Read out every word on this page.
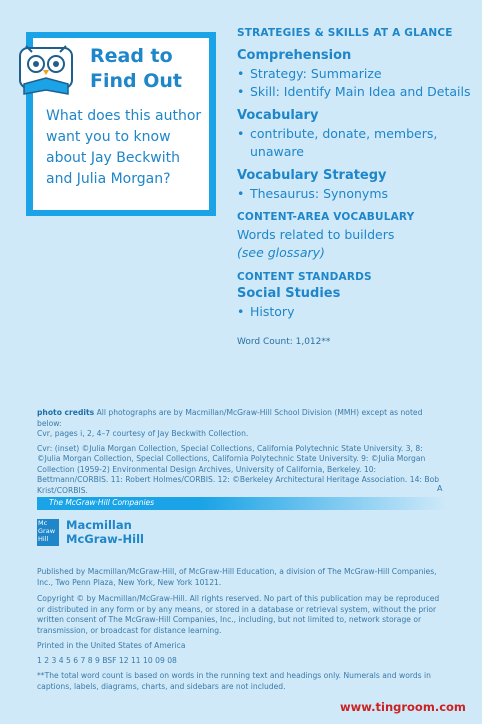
Read to
Find Out
What does this author want you to know about Jay Beckwith and Julia Morgan?
STRATEGIES & SKILLS AT A GLANCE
Comprehension
• Strategy: Summarize
• Skill: Identify Main Idea and Details
Vocabulary
• contribute, donate, members, unaware
Vocabulary Strategy
• Thesaurus: Synonyms
CONTENT-AREA VOCABULARY
Words related to builders
(see glossary)
CONTENT STANDARDS
Social Studies
• History
Word Count: 1,012**

photo credits All photographs are by Macmillan/McGraw-Hill School Division (MMH) except as noted below:
Cvr, pages i, 2, 4–7 courtesy of Jay Beckwith Collection.

Cvr: (inset) ©Julia Morgan Collection, Special Collections, California Polytechnic State University. 3, 8: ©Julia Morgan Collection, Special Collections, California Polytechnic State University. 9: ©Julia Morgan Collection (1959-2) Environmental Design Archives, University of California, Berkeley. 10: Bettmann/CORBIS. 11: Robert Holmes/CORBIS. 12: ©Berkeley Architectural Heritage Association. 14: Bob Krist/CORBIS.	A
The McGraw·Hill Companies
Mc
Graw
Hill
Macmillan
McGraw-Hill

Published by Macmillan/McGraw-Hill, of McGraw-Hill Education, a division of The McGraw-Hill Companies, Inc., Two Penn Plaza, New York, New York 10121.

Copyright © by Macmillan/McGraw-Hill. All rights reserved. No part of this publication may be reproduced or distributed in any form or by any means, or stored in a database or retrieval system, without the prior written consent of The McGraw-Hill Companies, Inc., including, but not limited to, network storage or transmission, or broadcast for distance learning.

Printed in the United States of America

1 2 3 4 5 6 7 8 9 BSF 12 11 10 09 08

**The total word count is based on words in the running text and headings only. Numerals and words in captions, labels, diagrams, charts, and sidebars are not included.

www.tingroom.com
